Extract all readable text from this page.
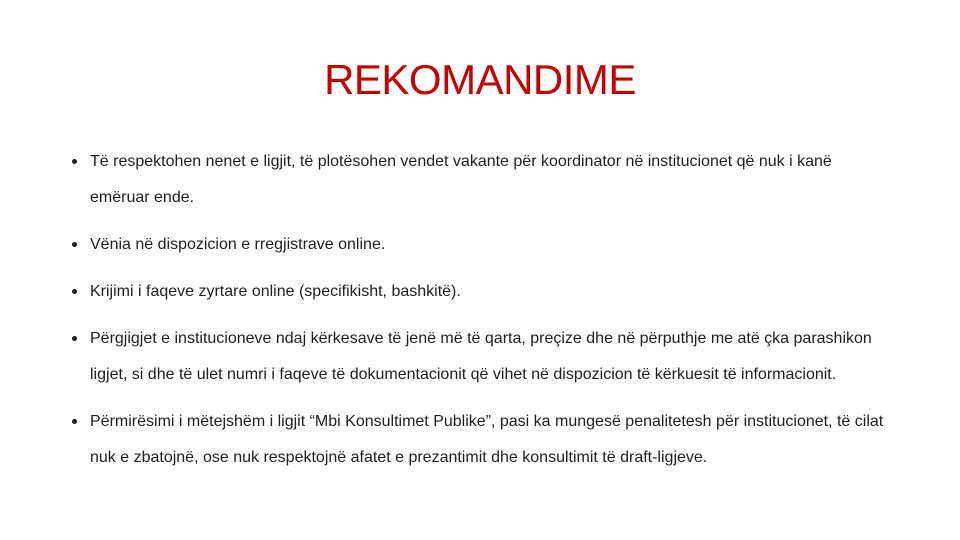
REKOMANDIME
Të respektohen nenet e ligjit, të plotësohen vendet vakante për koordinator në institucionet që nuk i kanë emëruar ende.
Vënia në dispozicion e rregjistrave online.
Krijimi i faqeve zyrtare online (specifikisht, bashkitë).
Përgjigjet e institucioneve ndaj kërkesave të jenë më të qarta, preçize dhe në përputhje me atë çka parashikon ligjet, si dhe të ulet numri i faqeve të dokumentacionit që vihet në dispozicion të kërkuesit të informacionit.
Përmirësimi i mëtejshëm i ligjit “Mbi Konsultimet Publike”, pasi ka mungesë penalitetesh për institucionet, të cilat nuk e zbatojnë, ose nuk respektojnë afatet e prezantimit dhe konsultimit të draft-ligjeve.
